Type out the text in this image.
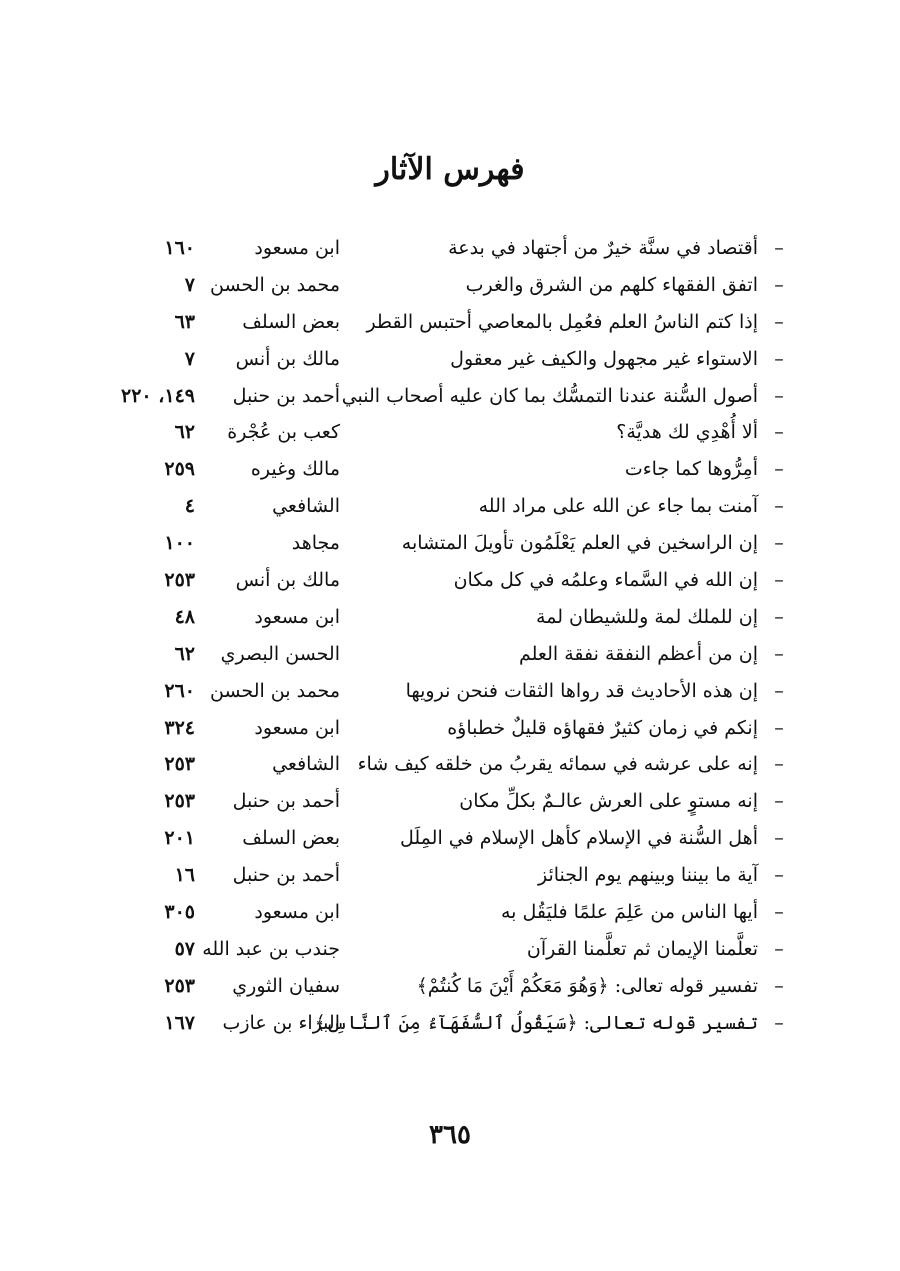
فهرس الآثار
–
أقتصاد في سنَّة خيرٌ من أجتهاد في بدعة
ابن مسعود
١٦٠
–
اتفق الفقهاء كلهم من الشرق والغرب
محمد بن الحسن
٧
–
إذا كتم الناسُ العلم فعُمِل بالمعاصي أحتبس القطر
بعض السلف
٦٣
–
الاستواء غير مجهول والكيف غير معقول
مالك بن أنس
٧
–
أصول السُّنة عندنا التمسُّك بما كان عليه أصحاب النبي
أحمد بن حنبل
١٤٩، ٢٢٠
–
ألا أُهْدِي لك هديَّة؟
كعب بن عُجْرة
٦٢
–
أمِرُّوها كما جاءت
مالك وغيره
٢٥٩
–
آمنت بما جاء عن الله على مراد الله
الشافعي
٤
–
إن الراسخين في العلم يَعْلَمُون تأويلَ المتشابه
مجاهد
١٠٠
–
إن الله في السَّماء وعلمُه في كل مكان
مالك بن أنس
٢٥٣
–
إن للملك لمة وللشيطان لمة
ابن مسعود
٤٨
–
إن من أعظم النفقة نفقة العلم
الحسن البصري
٦٢
–
إن هذه الأحاديث قد رواها الثقات فنحن نرويها
محمد بن الحسن
٢٦٠
–
إنكم في زمان كثيرٌ فقهاؤه قليلٌ خطباؤه
ابن مسعود
٣٢٤
–
إنه على عرشه في سمائه يقربُ من خلقه كيف شاء
الشافعي
٢٥٣
–
إنه مستوٍ على العرش عالـمٌ بكلِّ مكان
أحمد بن حنبل
٢٥٣
–
أهل السُّنة في الإسلام كأهل الإسلام في المِلَل
بعض السلف
٢٠١
–
آية ما بيننا وبينهم يوم الجنائز
أحمد بن حنبل
١٦
–
أيها الناس من عَلِمَ علمًا فليَقُل به
ابن مسعود
٣٠٥
–
تعلَّمنا الإيمان ثم تعلَّمنا القرآن
جندب بن عبد الله
٥٧
–
تفسير قوله تعالى: ﴿وَهُوَ مَعَكُمْ أَيْنَ مَا كُنتُمْ﴾
سفيان الثوري
٢٥٣
–
تفسير قوله تعالى: ﴿سَيَقُولُ ٱلسُّفَهَآءُ مِنَ ٱلنَّاسِ﴾
البراء بن عازب
١٦٧
٣٦٥
